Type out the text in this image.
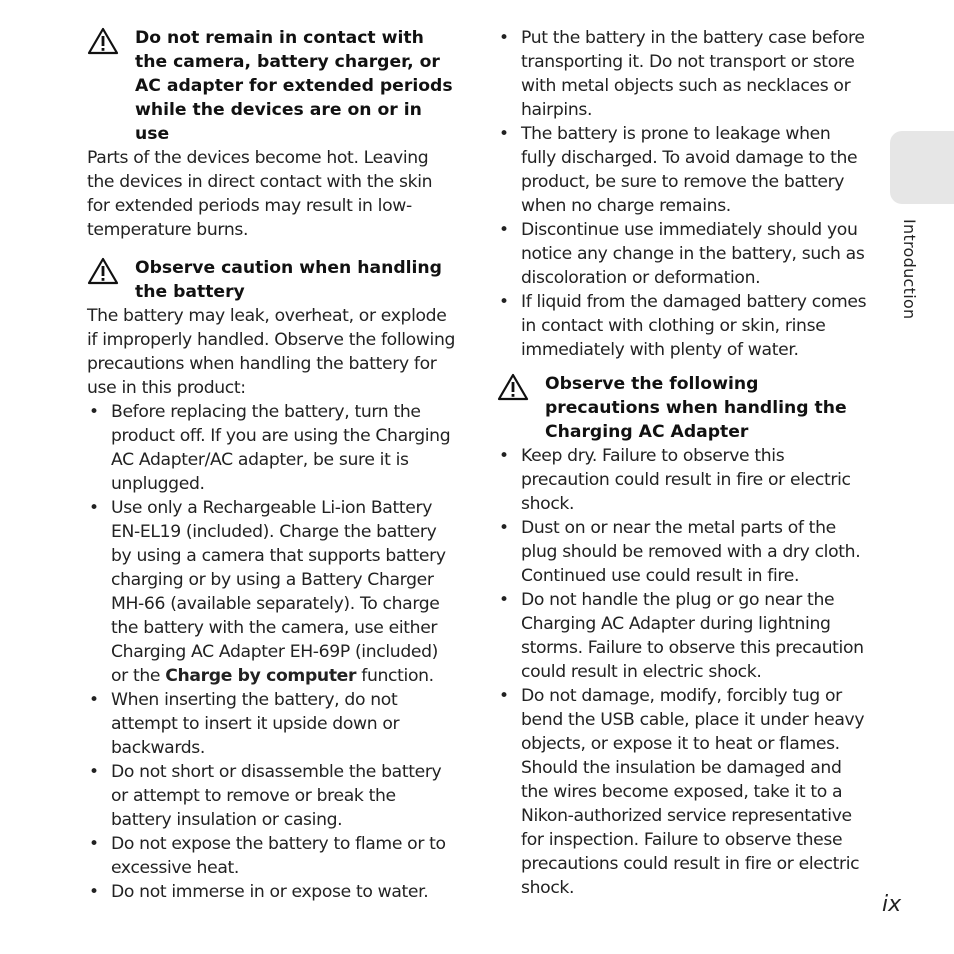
Do not remain in contact with the camera, battery charger, or AC adapter for extended periods while the devices are on or in use

Parts of the devices become hot. Leaving the devices in direct contact with the skin for extended periods may result in low-temperature burns.

Observe caution when handling the battery

The battery may leak, overheat, or explode if improperly handled. Observe the following precautions when handling the battery for use in this product:

• Before replacing the battery, turn the product off. If you are using the Charging AC Adapter/AC adapter, be sure it is unplugged.
• Use only a Rechargeable Li-ion Battery EN-EL19 (included). Charge the battery by using a camera that supports battery charging or by using a Battery Charger MH-66 (available separately). To charge the battery with the camera, use either Charging AC Adapter EH-69P (included) or the Charge by computer function.
• When inserting the battery, do not attempt to insert it upside down or backwards.
• Do not short or disassemble the battery or attempt to remove or break the battery insulation or casing.
• Do not expose the battery to flame or to excessive heat.
• Do not immerse in or expose to water.
• Put the battery in the battery case before transporting it. Do not transport or store with metal objects such as necklaces or hairpins.
• The battery is prone to leakage when fully discharged. To avoid damage to the product, be sure to remove the battery when no charge remains.
• Discontinue use immediately should you notice any change in the battery, such as discoloration or deformation.
• If liquid from the damaged battery comes in contact with clothing or skin, rinse immediately with plenty of water.
Observe the following precautions when handling the Charging AC Adapter
• Keep dry. Failure to observe this precaution could result in fire or electric shock.
• Dust on or near the metal parts of the plug should be removed with a dry cloth. Continued use could result in fire.
• Do not handle the plug or go near the Charging AC Adapter during lightning storms. Failure to observe this precaution could result in electric shock.
• Do not damage, modify, forcibly tug or bend the USB cable, place it under heavy objects, or expose it to heat or flames. Should the insulation be damaged and the wires become exposed, take it to a Nikon-authorized service representative for inspection. Failure to observe these precautions could result in fire or electric shock.
Introduction
ix
